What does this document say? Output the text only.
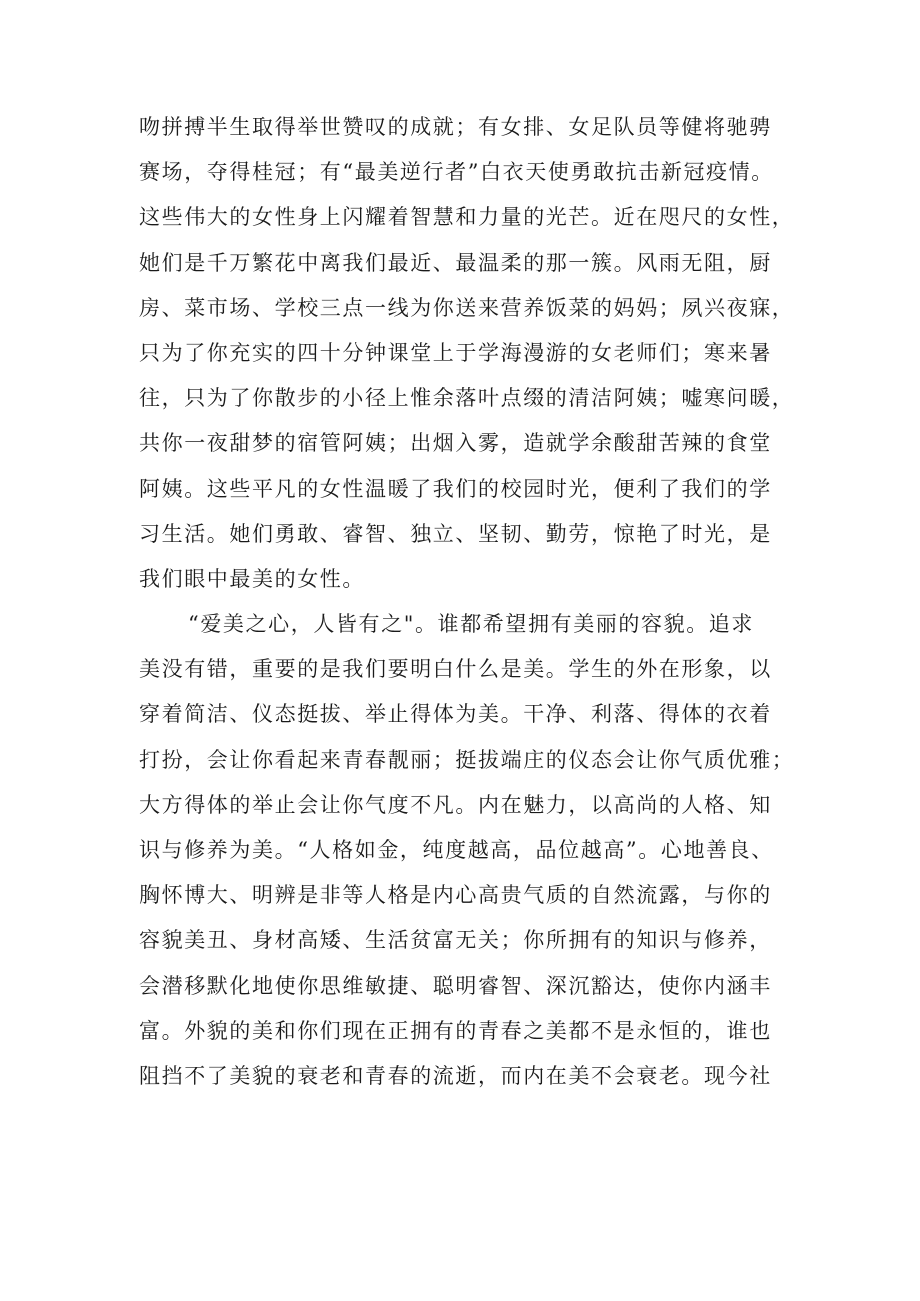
吻拼搏半生取得举世赞叹的成就；有女排、女足队员等健将驰骋
赛场，夺得桂冠；有“最美逆行者”白衣天使勇敢抗击新冠疫情。
这些伟大的女性身上闪耀着智慧和力量的光芒。近在咫尺的女性，
她们是千万繁花中离我们最近、最温柔的那一簇。风雨无阻，厨
房、菜市场、学校三点一线为你送来营养饭菜的妈妈；夙兴夜寐，
只为了你充实的四十分钟课堂上于学海漫游的女老师们；寒来暑
往，只为了你散步的小径上惟余落叶点缀的清洁阿姨；嘘寒问暖，
共你一夜甜梦的宿管阿姨；出烟入雾，造就学余酸甜苦辣的食堂
阿姨。这些平凡的女性温暖了我们的校园时光，便利了我们的学
习生活。她们勇敢、睿智、独立、坚韧、勤劳，惊艳了时光，是
我们眼中最美的女性。
“爱美之心，人皆有之"。谁都希望拥有美丽的容貌。追求
美没有错，重要的是我们要明白什么是美。学生的外在形象，以
穿着简洁、仪态挺拔、举止得体为美。干净、利落、得体的衣着
打扮，会让你看起来青春靓丽；挺拔端庄的仪态会让你气质优雅；
大方得体的举止会让你气度不凡。内在魅力，以高尚的人格、知
识与修养为美。“人格如金，纯度越高，品位越高”。心地善良、
胸怀博大、明辨是非等人格是内心高贵气质的自然流露，与你的
容貌美丑、身材高矮、生活贫富无关；你所拥有的知识与修养，
会潜移默化地使你思维敏捷、聪明睿智、深沉豁达，使你内涵丰
富。外貌的美和你们现在正拥有的青春之美都不是永恒的，谁也
阻挡不了美貌的衰老和青春的流逝，而内在美不会衰老。现今社
